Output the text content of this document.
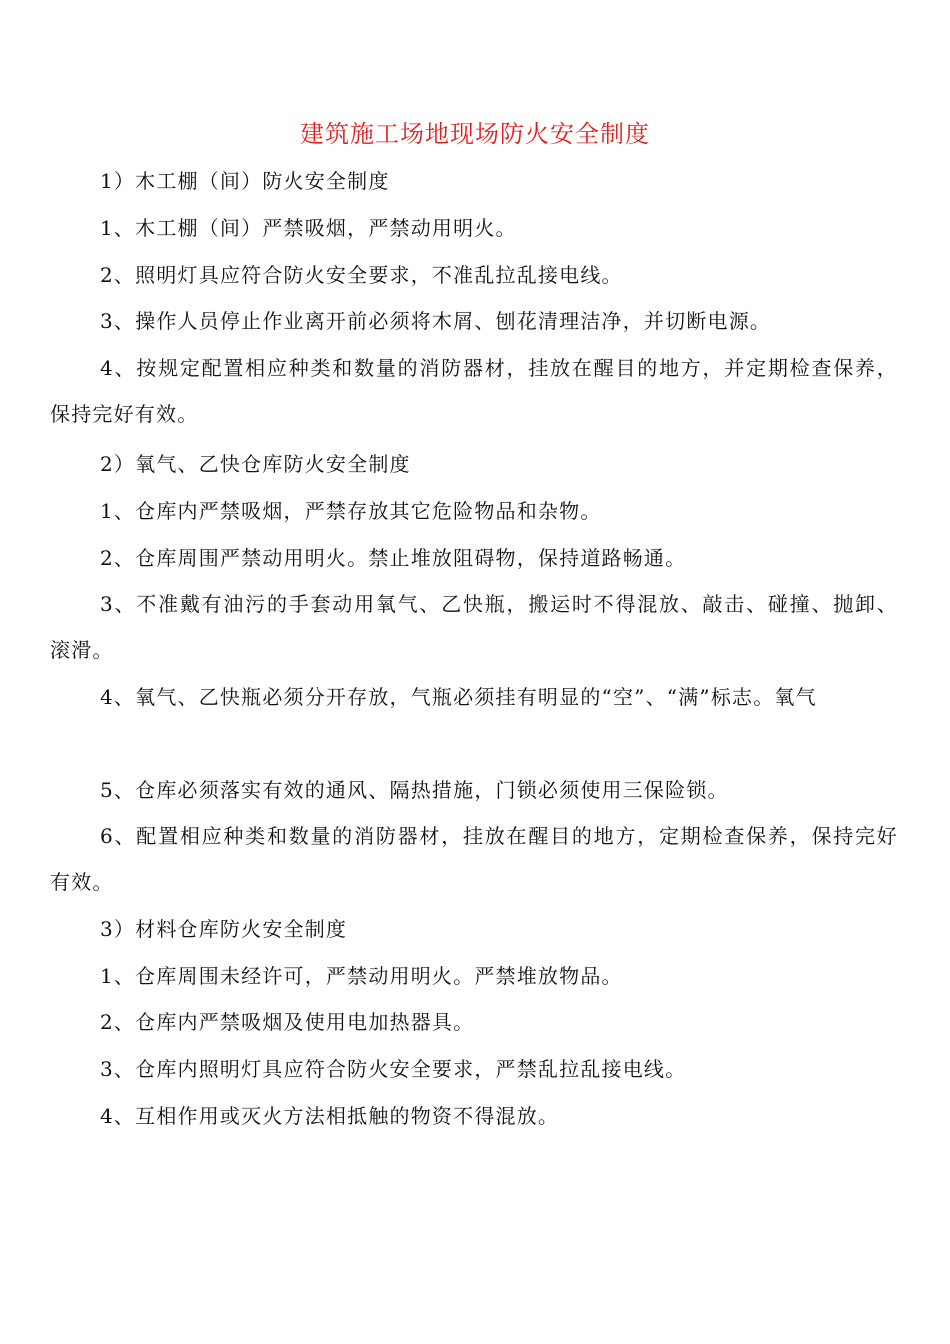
建筑施工场地现场防火安全制度
1）木工棚（间）防火安全制度
1、木工棚（间）严禁吸烟，严禁动用明火。
2、照明灯具应符合防火安全要求，不准乱拉乱接电线。
3、操作人员停止作业离开前必须将木屑、刨花清理洁净，并切断电源。
4、按规定配置相应种类和数量的消防器材，挂放在醒目的地方，并定期检查保养，保持完好有效。
2）氧气、乙快仓库防火安全制度
1、仓库内严禁吸烟，严禁存放其它危险物品和杂物。
2、仓库周围严禁动用明火。禁止堆放阻碍物，保持道路畅通。
3、不准戴有油污的手套动用氧气、乙快瓶，搬运时不得混放、敲击、碰撞、抛卸、滚滑。
4、氧气、乙快瓶必须分开存放，气瓶必须挂有明显的“空”、“满”标志。氧气
5、仓库必须落实有效的通风、隔热措施，门锁必须使用三保险锁。
6、配置相应种类和数量的消防器材，挂放在醒目的地方，定期检查保养，保持完好有效。
3）材料仓库防火安全制度
1、仓库周围未经许可，严禁动用明火。严禁堆放物品。
2、仓库内严禁吸烟及使用电加热器具。
3、仓库内照明灯具应符合防火安全要求，严禁乱拉乱接电线。
4、互相作用或灭火方法相抵触的物资不得混放。
